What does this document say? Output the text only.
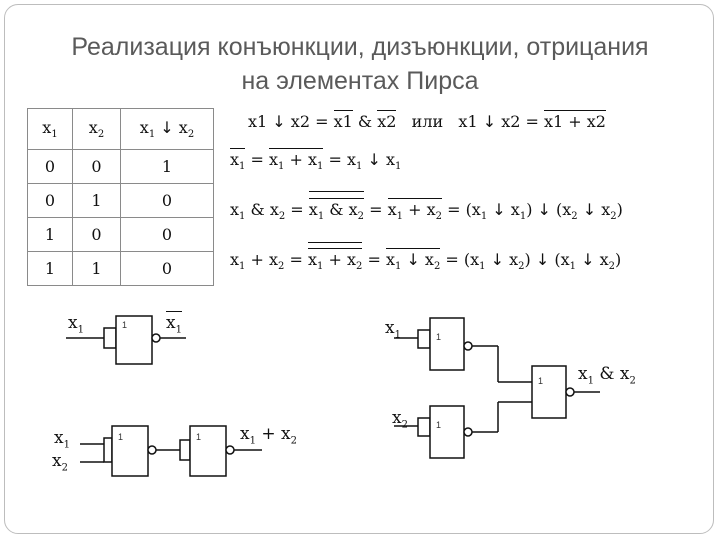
Реализация конъюнкции, дизъюнкции, отрицания
на элементах Пирса
$x_1$	$x_2$	$x_1$ ↓ $x_2$
0	0	1
0	1	0
1	0	0
1	1	0
x1 ↓ x2 = x1 & x2 или   x1 ↓ x2 = x1 + x2
$x_1 = x_1 + x_1 = x_1$ ↓ $x_1$
$x_1$ & $x_2$ =
$x_1$ & $x_2 = x_1 + x_2 = (x_1$ ↓ $x_1$) ↓ ($x_2$ ↓ $x_2$)
$x_1 + x_2$ =
$x_1 + x_2 = x_1$ ↓ $x_2 = (x_1$ ↓ $x_2$) ↓ ($x_1$ ↓ $x_2$)
1
1	1
1
1
1
$x_1$	$x_1$
$x_1$
$x_2$
$x_1 + x_2$
$x_1$
$x_2$
$x_1$ & $x_2$
